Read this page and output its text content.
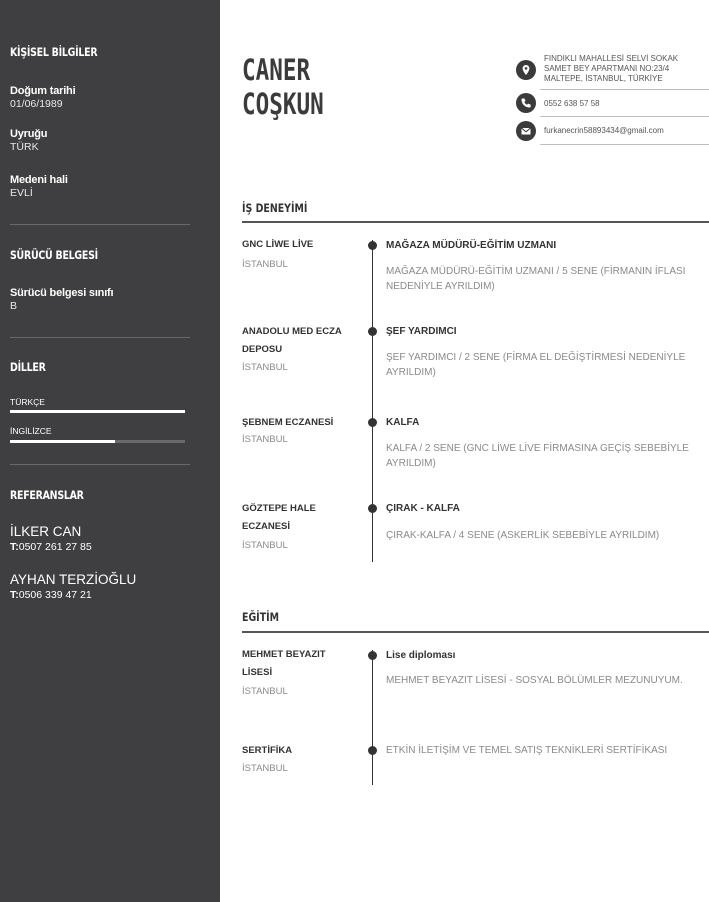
KİŞİSEL BİLGİLER
Doğum tarihi
01/06/1989
Uyruğu
TÜRK
Medeni hali
EVLİ
SÜRÜCÜ BELGESİ
Sürücü belgesi sınıfı
B
DİLLER
TÜRKÇE
İNGİLİZCE
REFERANSLAR
İLKER CAN
T:0507 261 27 85
AYHAN TERZİOĞLU
T:0506 339 47 21
CANER
COŞKUN
FINDIKLI MAHALLESİ SELVİ SOKAK
SAMET BEY APARTMANI NO:23/4
MALTEPE, İSTANBUL, TÜRKİYE
0552 638 57 58
furkanecrin58893434@gmail.com
İŞ DENEYİMİ
GNC LİWE LİVE
İSTANBUL
MAĞAZA MÜDÜRÜ-EĞİTİM UZMANI
MAĞAZA MÜDÜRÜ-EĞİTİM UZMANI / 5 SENE (FİRMANIN İFLASI NEDENİYLE AYRILDIM)
ANADOLU MED ECZA DEPOSU
İSTANBUL
ŞEF YARDIMCI
ŞEF YARDIMCI / 2 SENE (FİRMA EL DEĞİŞTİRMESİ NEDENİYLE AYRILDIM)
ŞEBNEM ECZANESİ
İSTANBUL
KALFA
KALFA / 2 SENE (GNC LİWE LİVE FİRMASINA GEÇİŞ SEBEBİYLE AYRILDIM)
GÖZTEPE HALE ECZANESİ
İSTANBUL
ÇIRAK - KALFA
ÇIRAK-KALFA / 4 SENE (ASKERLİK SEBEBİYLE AYRILDIM)
EĞİTİM
MEHMET BEYAZIT LİSESİ
İSTANBUL
Lise diploması
MEHMET BEYAZIT LİSESİ - SOSYAL BÖLÜMLER MEZUNUYUM.
SERTİFİKA
İSTANBUL
ETKİN İLETİŞİM VE TEMEL SATIŞ TEKNİKLERİ SERTİFİKASI
